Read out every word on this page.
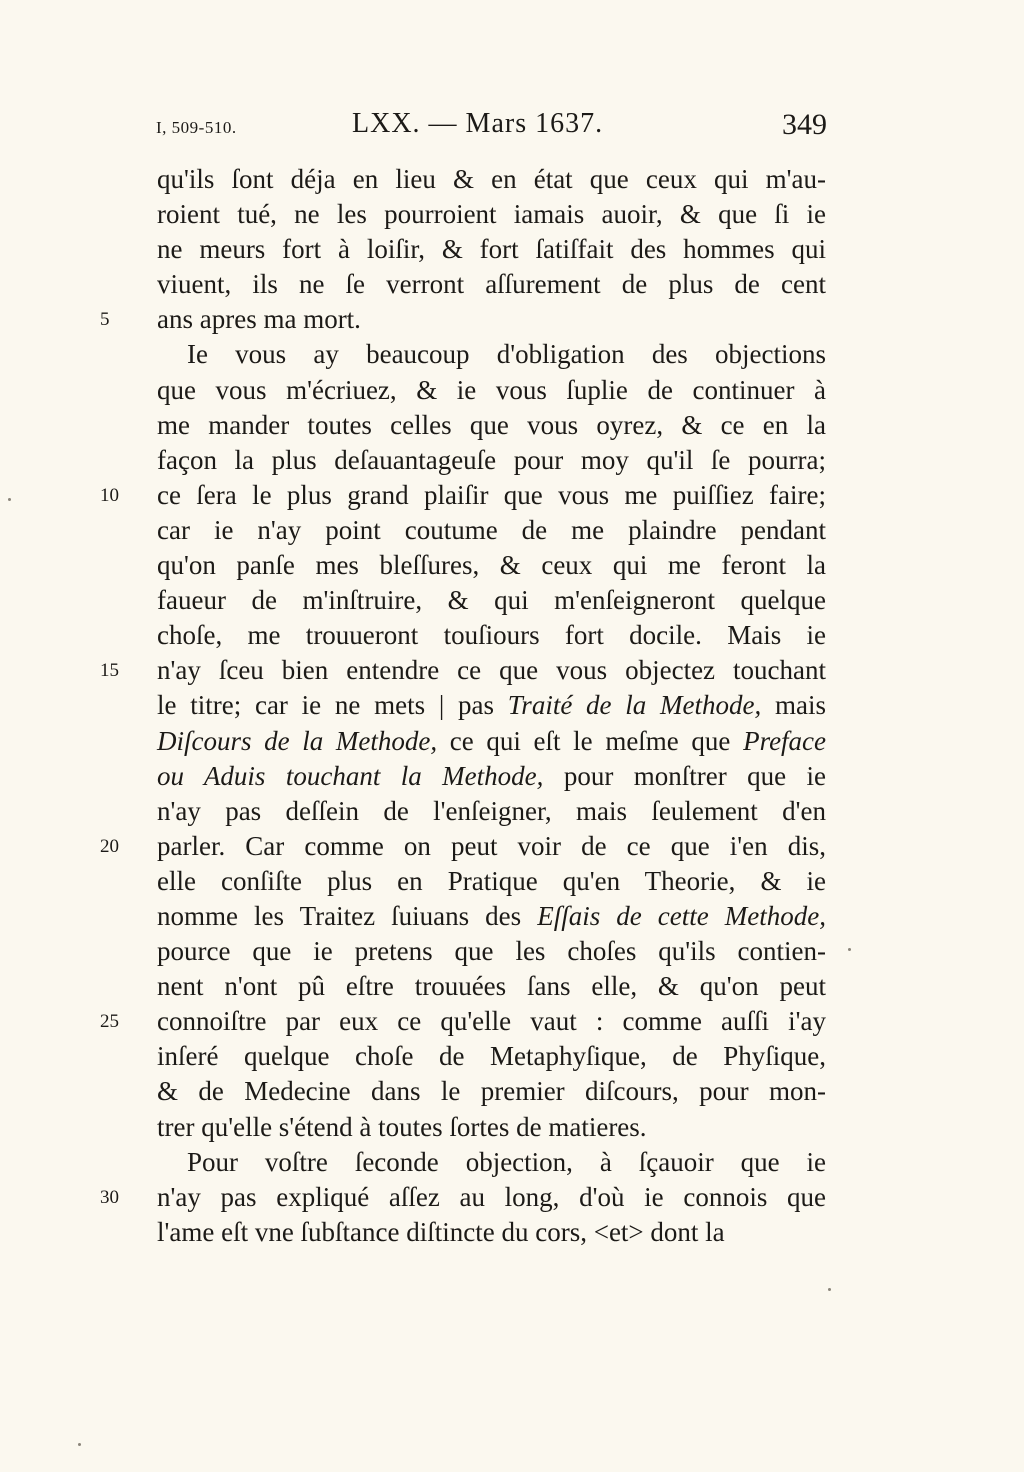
I, 509-510.	LXX. — Mars 1637.	349
qu'ils ſont déja en lieu & en état que ceux qui m'au-
roient tué, ne les pourroient iamais auoir, & que ſi ie
ne meurs fort à loiſir, & fort ſatiſfait des hommes qui
viuent, ils ne ſe verront aſſurement de plus de cent
ans apres ma mort.
Ie vous ay beaucoup d'obligation des objections
que vous m'écriuez, & ie vous ſuplie de continuer à
me mander toutes celles que vous oyrez, & ce en la
façon la plus deſauantageuſe pour moy qu'il ſe pourra;
ce ſera le plus grand plaiſir que vous me puiſſiez faire;
car ie n'ay point coutume de me plaindre pendant
qu'on panſe mes bleſſures, & ceux qui me feront la
faueur de m'inſtruire, & qui m'enſeigneront quelque
choſe, me trouueront touſiours fort docile. Mais ie
n'ay ſceu bien entendre ce que vous objectez touchant
le titre; car ie ne mets | pas Traité de la Methode, mais
Diſcours de la Methode, ce qui eſt le meſme que Preface
ou Aduis touchant la Methode, pour monſtrer que ie
n'ay pas deſſein de l'enſeigner, mais ſeulement d'en
parler. Car comme on peut voir de ce que i'en dis,
elle conſiſte plus en Pratique qu'en Theorie, & ie
nomme les Traitez ſuiuans des Eſſais de cette Methode,
pource que ie pretens que les choſes qu'ils contien-
nent n'ont pû eſtre trouuées ſans elle, & qu'on peut
connoiſtre par eux ce qu'elle vaut : comme auſſi i'ay
inſeré quelque choſe de Metaphyſique, de Phyſique,
& de Medecine dans le premier diſcours, pour mon-
trer qu'elle s'étend à toutes ſortes de matieres.
Pour voſtre ſeconde objection, à ſçauoir que ie
n'ay pas expliqué aſſez au long, d'où ie connois que
l'ame eſt vne ſubſtance diſtincte du cors, <et> dont la
5
10
15
20
25
30
